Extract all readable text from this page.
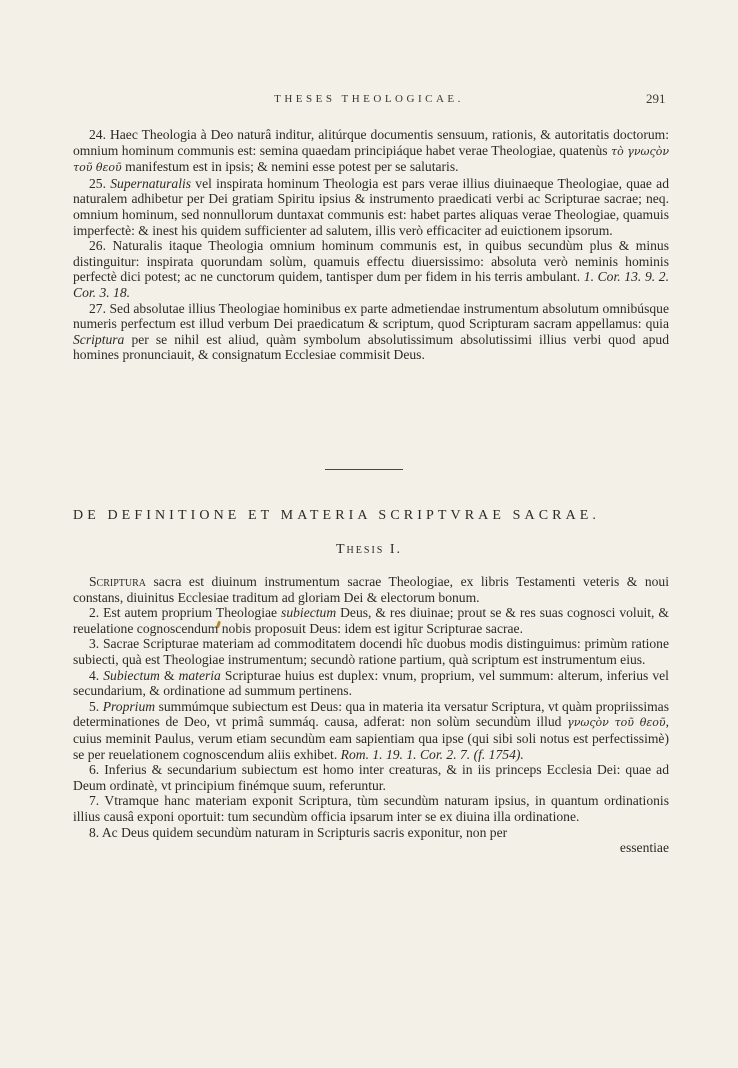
THESES THEOLOGICAE.	291

24. Haec Theologia à Deo naturâ inditur, alitúrque documentis sensuum, rationis, & autoritatis doctorum: omnium hominum communis est: semina quaedam principiáque habet verae Theologiae, quatenùs τὸ γνωςὸν τοῦ θεοῦ manifestum est in ipsis; & nemini esse potest per se salutaris.

25. Supernaturalis vel inspirata hominum Theologia est pars verae illius diuinaeque Theologiae, quae ad naturalem adhibetur per Dei gratiam Spiritu ipsius & instrumento praedicati verbi ac Scripturae sacrae; neq. omnium hominum, sed nonnullorum duntaxat communis est: habet partes aliquas verae Theologiae, quamuis imperfectè: & inest his quidem sufficienter ad salutem, illis verò efficaciter ad euictionem ipsorum.

26. Naturalis itaque Theologia omnium hominum communis est, in quibus secundùm plus & minus distinguitur: inspirata quorundam solùm, quamuis effectu diuersissimo: absoluta verò neminis hominis perfectè dici potest; ac ne cunctorum quidem, tantisper dum per fidem in his terris ambulant. 1. Cor. 13. 9. 2. Cor. 3. 18.

27. Sed absolutae illius Theologiae hominibus ex parte admetiendae instrumentum absolutum omnibúsque numeris perfectum est illud verbum Dei praedicatum & scriptum, quod Scripturam sacram appellamus: quia Scriptura per se nihil est aliud, quàm symbolum absolutissimum absolutissimi illius verbi quod apud homines pronunciauit, & consignatum Ecclesiae commisit Deus.

DE DEFINITIONE ET MATERIA SCRIPTVRAE SACRAE.
Thesis I.

Scriptura sacra est diuinum instrumentum sacrae Theologiae, ex libris Testamenti veteris & noui constans, diuinitus Ecclesiae traditum ad gloriam Dei & electorum bonum.

2. Est autem proprium Theologiae subiectum Deus, & res diuinae; prout se & res suas cognosci voluit, & reuelatione cognoscendum nobis proposuit Deus: idem est igitur Scripturae sacrae.

3. Sacrae Scripturae materiam ad commoditatem docendi hîc duobus modis distinguimus: primùm ratione subiecti, quà est Theologiae instrumentum; secundò ratione partium, quà scriptum est instrumentum eius.

4. Subiectum & materia Scripturae huius est duplex: vnum, proprium, vel summum: alterum, inferius vel secundarium, & ordinatione ad summum pertinens.

5. Proprium summúmque subiectum est Deus: qua in materia ita versatur Scriptura, vt quàm propriissimas determinationes de Deo, vt primâ summáq. causa, adferat: non solùm secundùm illud γνωςὸν τοῦ θεοῦ, cuius meminit Paulus, verum etiam secundùm eam sapientiam qua ipse (qui sibi soli notus est perfectissimè) se per reuelationem cognoscendum aliis exhibet. Rom. 1. 19. 1. Cor. 2. 7. (f. 1754).

6. Inferius & secundarium subiectum est homo inter creaturas, & in iis princeps Ecclesia Dei: quae ad Deum ordinatè, vt principium finémque suum, referuntur.

7. Vtramque hanc materiam exponit Scriptura, tùm secundùm naturam ipsius, in quantum ordinationis illius causâ exponi oportuit: tum secundùm officia ipsarum inter se ex diuina illa ordinatione.

8. Ac Deus quidem secundùm naturam in Scripturis sacris exponitur, non per

essentiae
